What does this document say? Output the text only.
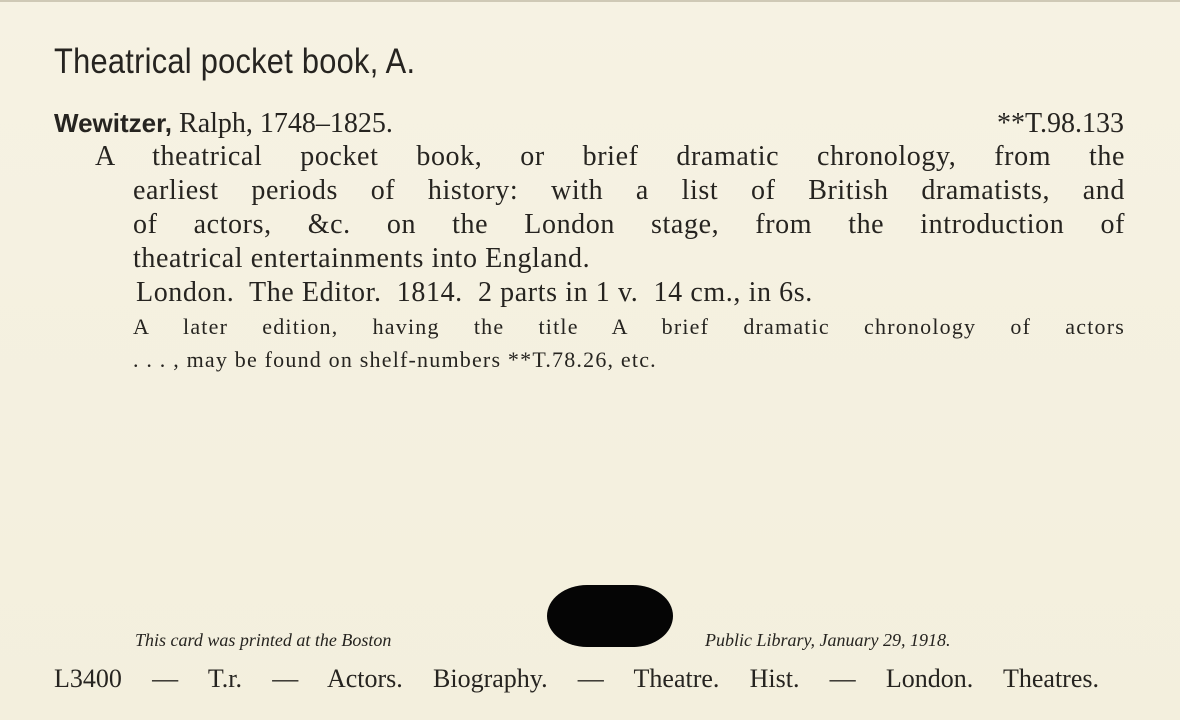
Theatrical pocket book, A.
Wewitzer, Ralph, 1748–1825.	**T.98.133
A theatrical pocket book, or brief dramatic chronology, from the
earliest periods of history: with a list of British dramatists, and
of actors, &c. on the London stage, from the introduction of
theatrical entertainments into England.
London.  The Editor.  1814.  2 parts in 1 v.  14 cm., in 6s.
A later edition, having the title A brief dramatic chronology of actors
. . . , may be found on shelf-numbers **T.78.26, etc.
This card was printed at the Boston	Public Library, January 29, 1918.
L3400 — T.r. — Actors. Biography. — Theatre. Hist. — London. Theatres.
